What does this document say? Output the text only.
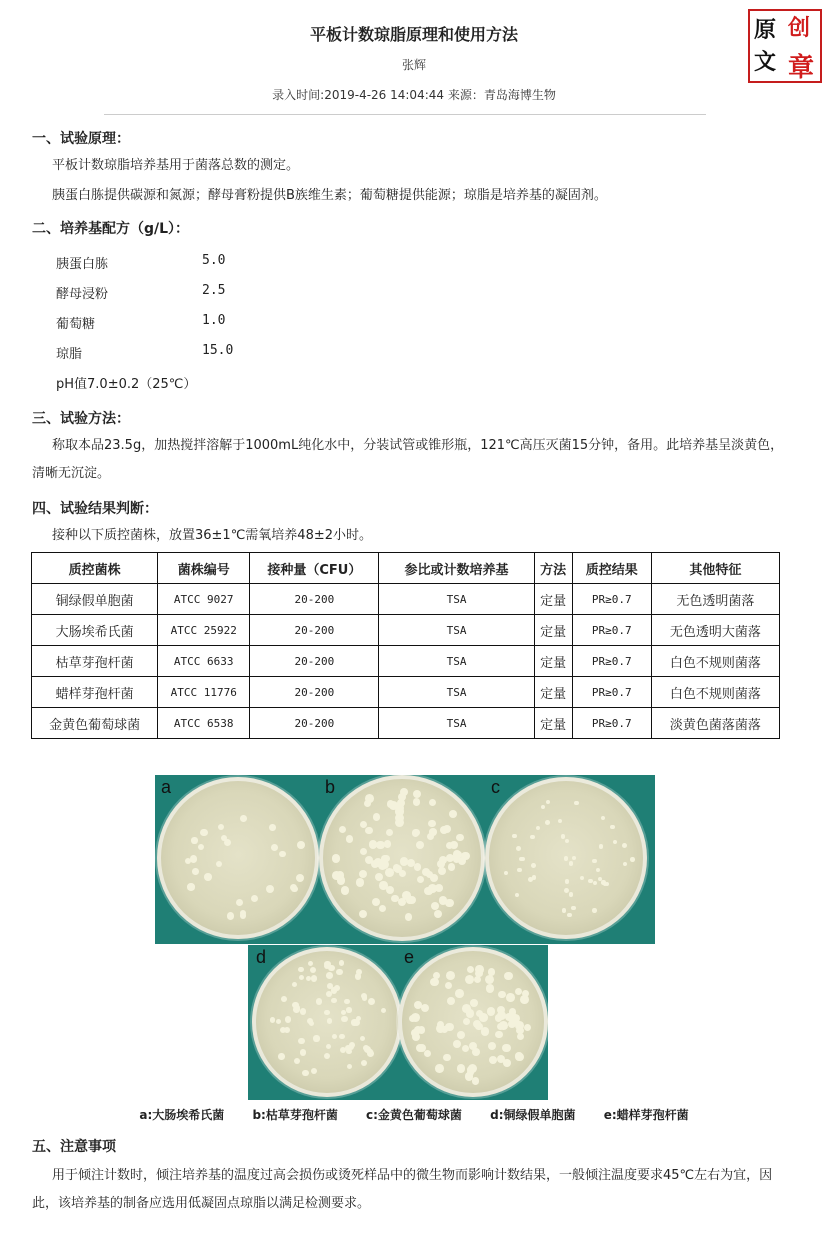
平板计数琼脂原理和使用方法
张辉
录入时间:2019-4-26 14:04:44 来源：青岛海博生物
原 创
文 章
一、试验原理：
平板计数琼脂培养基用于菌落总数的测定。
胰蛋白胨提供碳源和氮源；酵母膏粉提供B族维生素；葡萄糖提供能源；琼脂是培养基的凝固剂。
二、培养基配方（g/L）：
胰蛋白胨	5.0
酵母浸粉	2.5
葡萄糖	1.0
琼脂	15.0
pH值7.0±0.2（25℃）
三、试验方法：
称取本品23.5g，加热搅拌溶解于1000mL纯化水中，分装试管或锥形瓶，121℃高压灭菌15分钟，备用。此培养基呈淡黄色，清晰无沉淀。
四、试验结果判断：
接种以下质控菌株，放置36±1℃需氧培养48±2小时。
质控菌株	菌株编号	接种量（CFU）	参比或计数培养基	方法	质控结果	其他特征
铜绿假单胞菌	ATCC 9027	20-200	TSA	定量	PR≥0.7	无色透明菌落
大肠埃希氏菌	ATCC 25922	20-200	TSA	定量	PR≥0.7	无色透明大菌落
枯草芽孢杆菌	ATCC 6633	20-200	TSA	定量	PR≥0.7	白色不规则菌落
蜡样芽孢杆菌	ATCC 11776	20-200	TSA	定量	PR≥0.7	白色不规则菌落
金黄色葡萄球菌	ATCC 6538	20-200	TSA	定量	PR≥0.7	淡黄色菌落菌落
a	b	c
d	e
a:大肠埃希氏菌 b:枯草芽孢杆菌 c:金黄色葡萄球菌 d:铜绿假单胞菌 e:蜡样芽孢杆菌
五、注意事项
用于倾注计数时，倾注培养基的温度过高会损伤或烫死样品中的微生物而影响计数结果，一般倾注温度要求45℃左右为宜，因此，该培养基的制备应选用低凝固点琼脂以满足检测要求。
